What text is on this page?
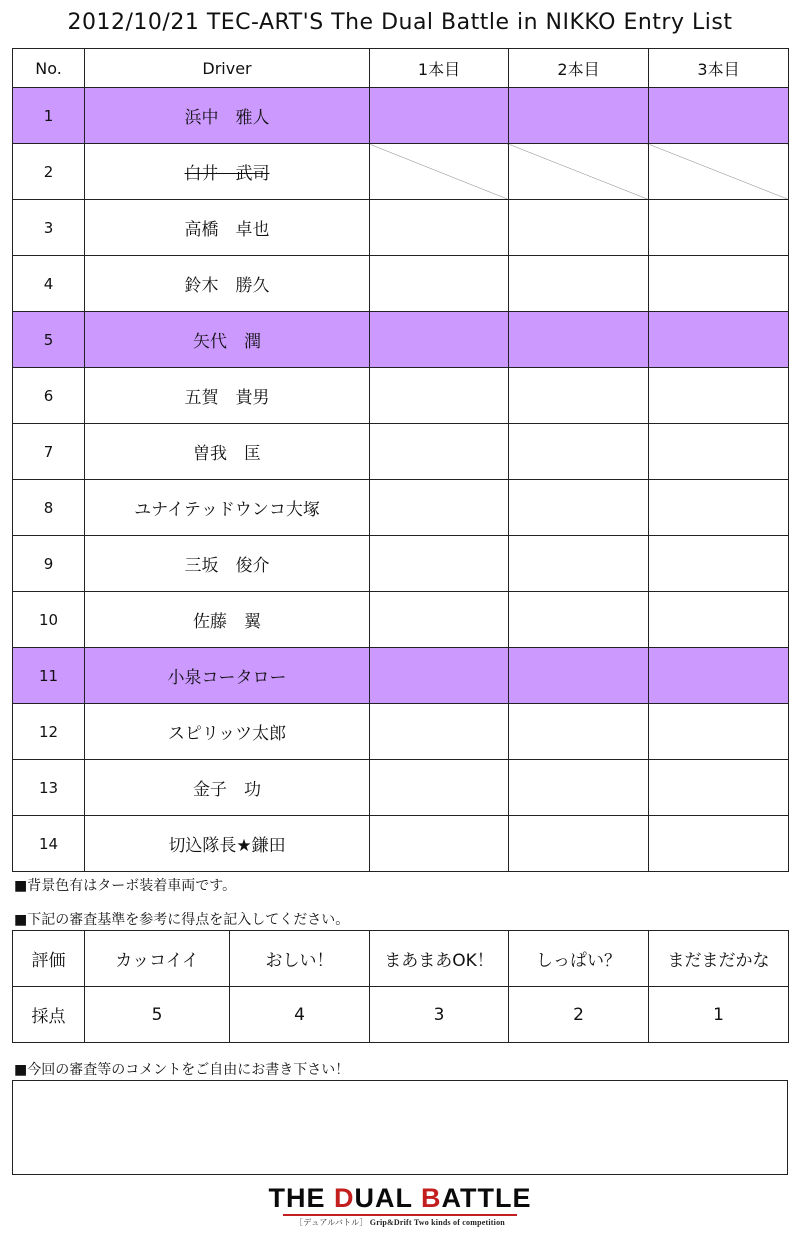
2012/10/21 TEC-ART'S The Dual Battle in NIKKO Entry List
No.	Driver	1本目	2本目	3本目
1	浜中　雅人			
2	白井　武司			
3	高橋　卓也			
4	鈴木　勝久			
5	矢代　潤			
6	五賀　貴男			
7	曽我　匡			
8	ユナイテッドウンコ大塚			
9	三坂　俊介			
10	佐藤　翼			
11	小泉コータロー			
12	スピリッツ太郎			
13	金子　功			
14	切込隊長★鎌田			
■背景色有はターボ装着車両です。
■下記の審査基準を参考に得点を記入してください。
評価	カッコイイ	おしい！	まあまあOK！	しっぱい？	まだまだかな
採点	5	4	3	2	1
■今回の審査等のコメントをご自由にお書き下さい！
THE DUAL BATTLE
［デュアルバトル］ Grip&Drift Two kinds of competition
